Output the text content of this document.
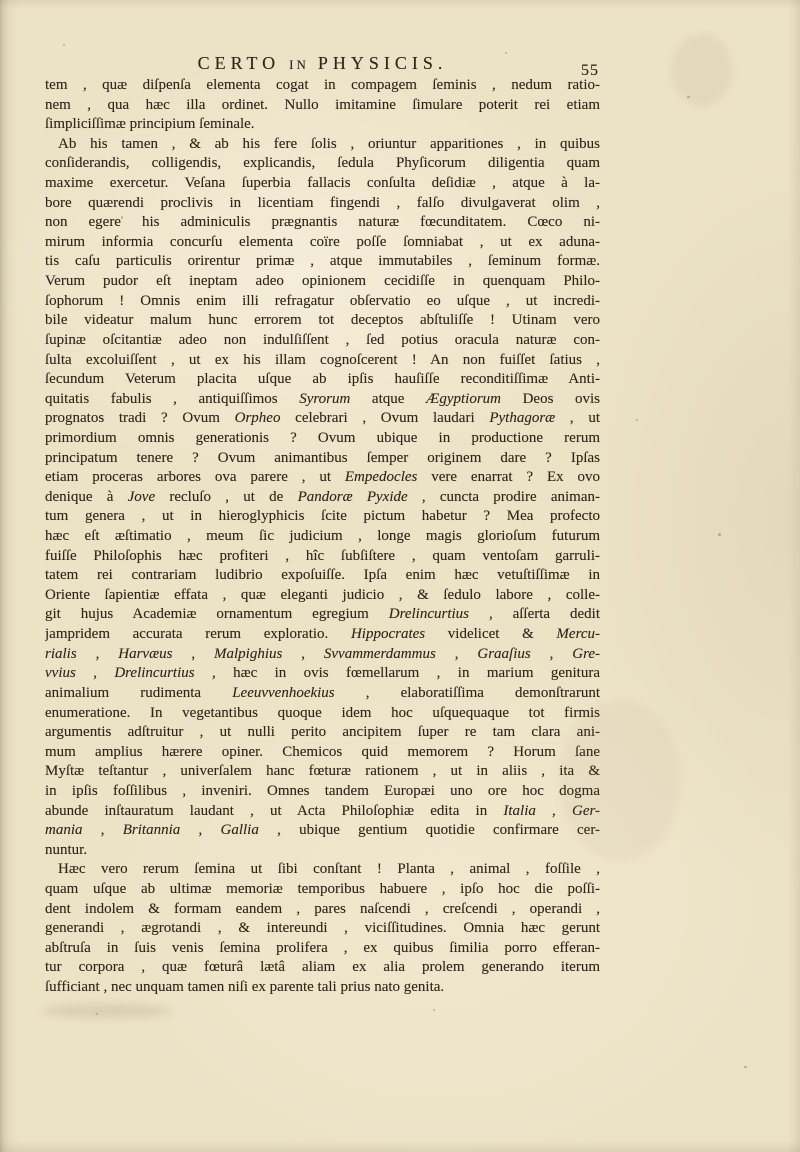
CERTO IN PHYSICIS.	55
tem , quæ diſpenſa elementa cogat in compagem ſeminis , nedum ratio-
nem , qua hæc illa ordinet. Nullo imitamine ſimulare poterit rei etiam
ſimpliciſſimæ principium ſeminale.
Ab his tamen , & ab his fere ſolis , oriuntur apparitiones , in quibus
conſiderandis, colligendis, explicandis, ſedula Phyſicorum diligentia quam
maxime exercetur. Veſana ſuperbia fallacis conſulta deſidiæ , atque à la-
bore quærendi proclivis in licentiam fingendi , falſo divulgaverat olim ,
non egere his adminiculis prægnantis naturæ fœcunditatem. Cœco ni-
mirum informia concurſu elementa coïre poſſe ſomniabat , ut ex aduna-
tis caſu particulis orirentur primæ , atque immutabiles , ſeminum formæ.
Verum pudor eſt ineptam adeo opinionem cecidiſſe in quenquam Philo-
ſophorum ! Omnis enim illi refragatur obſervatio eo uſque , ut incredi-
bile videatur malum hunc errorem tot deceptos abſtuliſſe ! Utinam vero
ſupinæ oſcitantiæ adeo non indulſiſſent , ſed potius oracula naturæ con-
ſulta excoluiſſent , ut ex his illam cognoſcerent ! An non fuiſſet ſatius ,
ſecundum Veterum placita uſque ab ipſis hauſiſſe reconditiſſimæ Anti-
quitatis fabulis , antiquiſſimos Syrorum atque Ægyptiorum Deos ovis
prognatos tradi ? Ovum Orpheo celebrari , Ovum laudari Pythagoræ , ut
primordium omnis generationis ? Ovum ubique in productione rerum
principatum tenere ? Ovum animantibus ſemper originem dare ? Ipſas
etiam proceras arbores ova parere , ut Empedocles vere enarrat ? Ex ovo
denique à Jove recluſo , ut de Pandoræ Pyxide , cuncta prodire animan-
tum genera , ut in hieroglyphicis ſcite pictum habetur ? Mea profecto
hæc eſt æſtimatio , meum ſic judicium , longe magis glorioſum futurum
fuiſſe Philoſophis hæc profiteri , hîc ſubſiſtere , quam ventoſam garruli-
tatem rei contrariam ludibrio expoſuiſſe. Ipſa enim hæc vetuſtiſſimæ in
Oriente ſapientiæ effata , quæ eleganti judicio , & ſedulo labore , colle-
git hujus Academiæ ornamentum egregium Drelincurtius , aſſerta dedit
jampridem accurata rerum exploratio. Hippocrates videlicet & Mercu-
rialis , Harvæus , Malpighius , Svvammerdammus , Graaſius , Gre-
vvius , Drelincurtius , hæc in ovis fœmellarum , in marium genitura
animalium rudimenta Leeuvvenhoekius , elaboratiſſima demonſtrarunt
enumeratione. In vegetantibus quoque idem hoc uſquequaque tot firmis
argumentis adſtruitur , ut nulli perito ancipitem ſuper re tam clara ani-
mum amplius hærere opiner. Chemicos quid memorem ? Horum ſane
Myſtæ teſtantur , univerſalem hanc fœturæ rationem , ut in aliis , ita &
in ipſis foſſilibus , inveniri. Omnes tandem Europæi uno ore hoc dogma
abunde inſtauratum laudant , ut Acta Philoſophiæ edita in Italia , Ger-
mania , Britannia , Gallia , ubique gentium quotidie confirmare cer-
nuntur.
Hæc vero rerum ſemina ut ſibi conſtant ! Planta , animal , foſſile ,
quam uſque ab ultimæ memoriæ temporibus habuere , ipſo hoc die poſſi-
dent indolem & formam eandem , pares naſcendi , creſcendi , operandi ,
generandi , ægrotandi , & intereundi , viciſſitudines. Omnia hæc gerunt
abſtruſa in ſuis venis ſemina prolifera , ex quibus ſimilia porro efferan-
tur corpora , quæ fœturâ lætâ aliam ex alia prolem generando iterum
ſufficiant , nec unquam tamen niſi ex parente tali prius nato genita.
